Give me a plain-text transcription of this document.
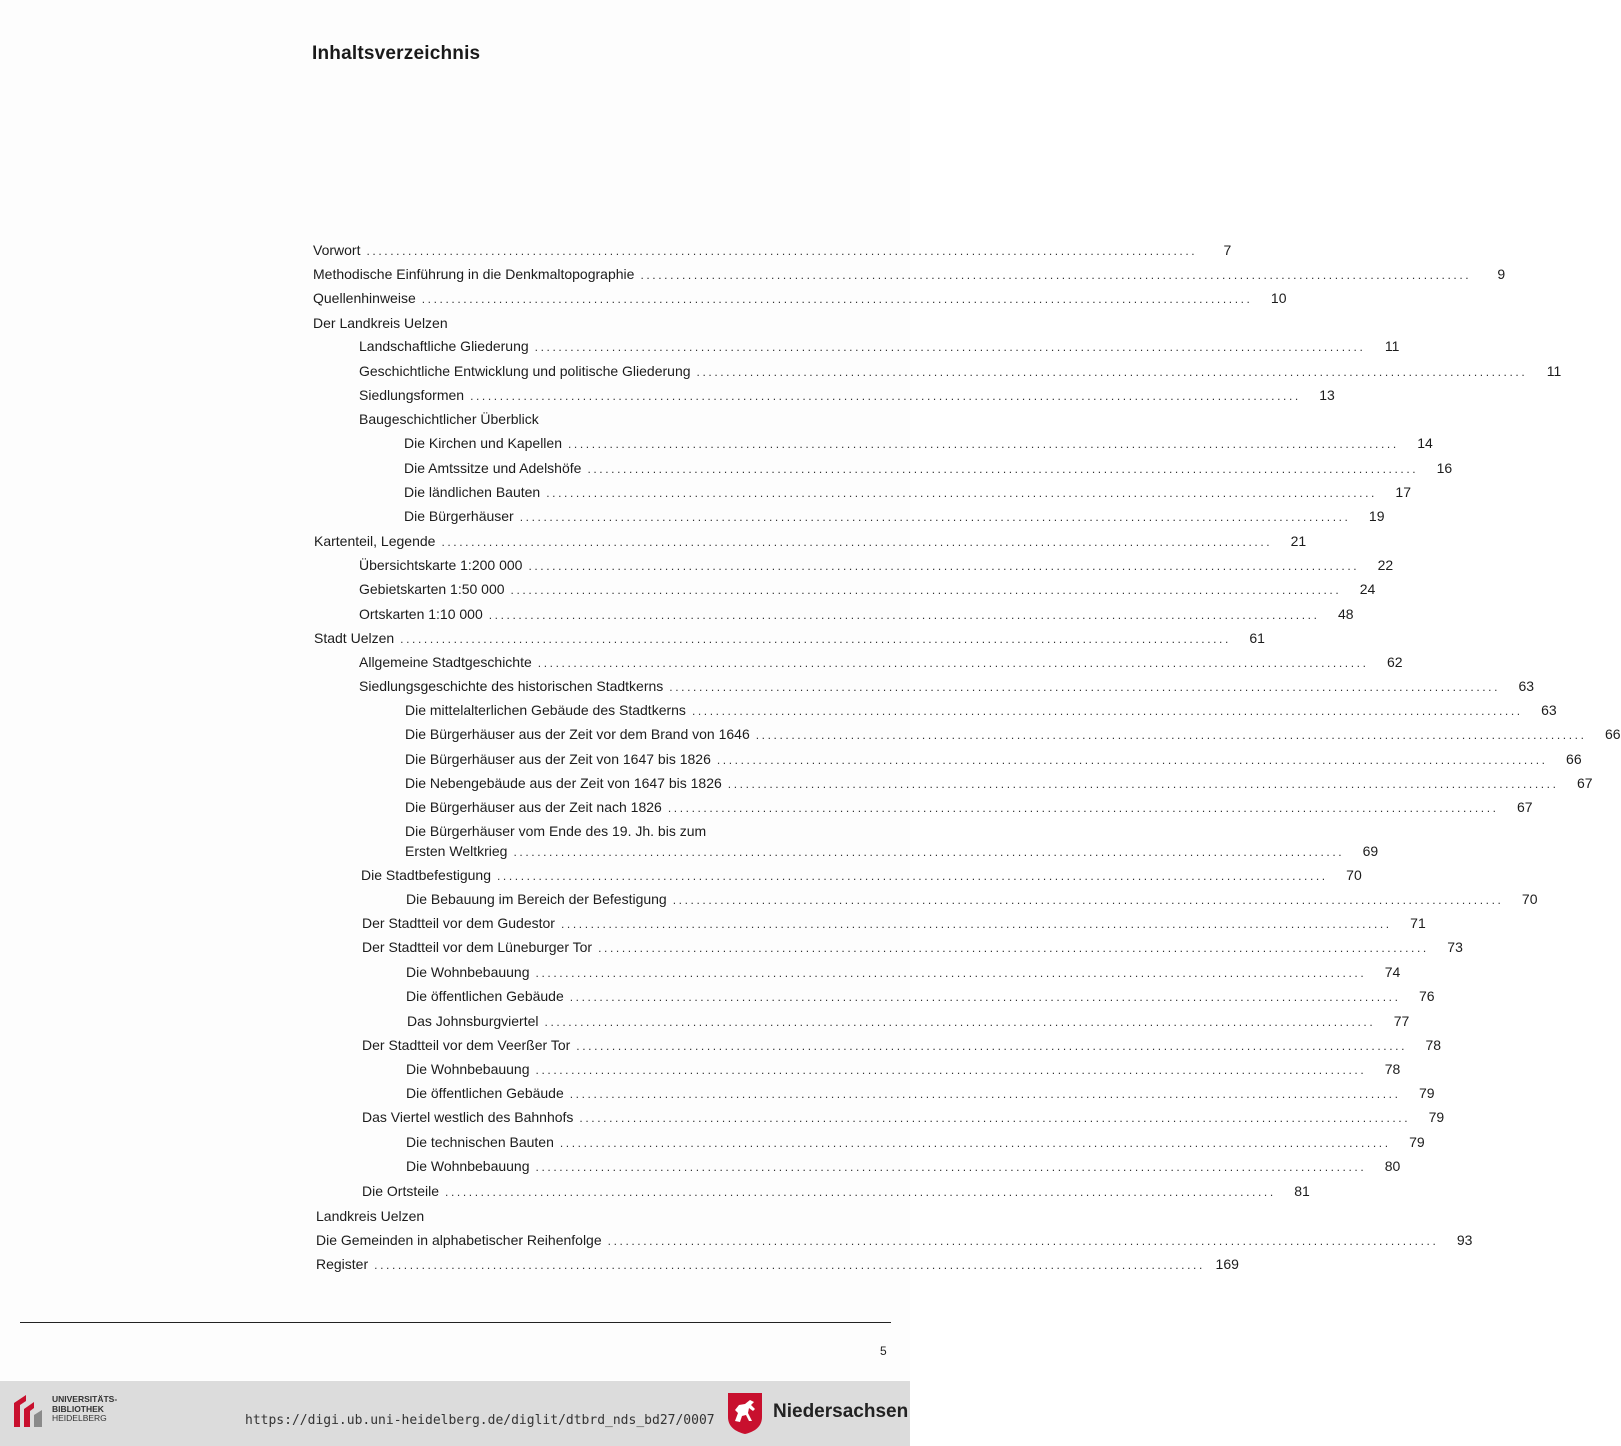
Inhaltsverzeichnis
Vorwort ............................................................................................................................................	7
Methodische Einführung in die Denkmaltopographie ............................................................................................................................................	9
Quellenhinweise ............................................................................................................................................	10
Der Landkreis Uelzen
Landschaftliche Gliederung ............................................................................................................................................	11
Geschichtliche Entwicklung und politische Gliederung ............................................................................................................................................	11
Siedlungsformen ............................................................................................................................................	13
Baugeschichtlicher Überblick
Die Kirchen und Kapellen ............................................................................................................................................	14
Die Amtssitze und Adelshöfe ............................................................................................................................................	16
Die ländlichen Bauten ............................................................................................................................................	17
Die Bürgerhäuser ............................................................................................................................................	19
Kartenteil, Legende ............................................................................................................................................	21
Übersichtskarte 1:200 000 ............................................................................................................................................	22
Gebietskarten 1:50 000 ............................................................................................................................................	24
Ortskarten 1:10 000 ............................................................................................................................................	48
Stadt Uelzen ............................................................................................................................................	61
Allgemeine Stadtgeschichte ............................................................................................................................................	62
Siedlungsgeschichte des historischen Stadtkerns ............................................................................................................................................	63
Die mittelalterlichen Gebäude des Stadtkerns ............................................................................................................................................	63
Die Bürgerhäuser aus der Zeit vor dem Brand von 1646 ............................................................................................................................................	66
Die Bürgerhäuser aus der Zeit von 1647 bis 1826 ............................................................................................................................................	66
Die Nebengebäude aus der Zeit von 1647 bis 1826 ............................................................................................................................................	67
Die Bürgerhäuser aus der Zeit nach 1826 ............................................................................................................................................	67
Die Bürgerhäuser vom Ende des 19. Jh. bis zum
Ersten Weltkrieg ............................................................................................................................................	69
Die Stadtbefestigung ............................................................................................................................................	70
Die Bebauung im Bereich der Befestigung ............................................................................................................................................	70
Der Stadtteil vor dem Gudestor ............................................................................................................................................	71
Der Stadtteil vor dem Lüneburger Tor ............................................................................................................................................	73
Die Wohnbebauung ............................................................................................................................................	74
Die öffentlichen Gebäude ............................................................................................................................................	76
Das Johnsburgviertel ............................................................................................................................................	77
Der Stadtteil vor dem Veerßer Tor ............................................................................................................................................	78
Die Wohnbebauung ............................................................................................................................................	78
Die öffentlichen Gebäude ............................................................................................................................................	79
Das Viertel westlich des Bahnhofs ............................................................................................................................................	79
Die technischen Bauten ............................................................................................................................................	79
Die Wohnbebauung ............................................................................................................................................	80
Die Ortsteile ............................................................................................................................................	81
Landkreis Uelzen
Die Gemeinden in alphabetischer Reihenfolge ............................................................................................................................................	93
Register ............................................................................................................................................ 169
5
UNIVERSITÄTS-
BIBLIOTHEK
HEIDELBERG	https://digi.ub.uni-heidelberg.de/diglit/dtbrd_nds_bd27/0007	Niedersachsen
